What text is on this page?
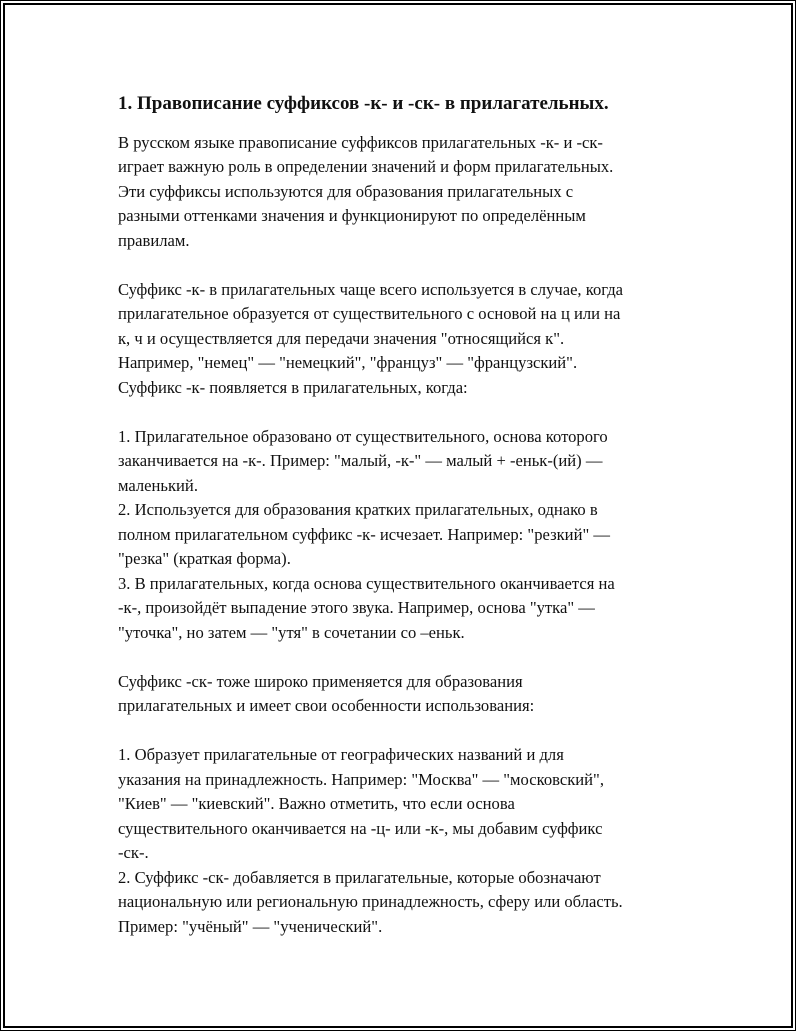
1. Правописание суффиксов -к- и -ск- в прилагательных.

В русском языке правописание суффиксов прилагательных -к- и -ск-
играет важную роль в определении значений и форм прилагательных.
Эти суффиксы используются для образования прилагательных с
разными оттенками значения и функционируют по определённым
правилам.

Суффикс -к- в прилагательных чаще всего используется в случае, когда
прилагательное образуется от существительного с основой на ц или на
к, ч и осуществляется для передачи значения "относящийся к".
Например, "немец" — "немецкий", "француз" — "французский".
Суффикс -к- появляется в прилагательных, когда:

1. Прилагательное образовано от существительного, основа которого
заканчивается на -к-. Пример: "малый, -к-" — малый + -еньк-(ий) —
маленький.
2. Используется для образования кратких прилагательных, однако в
полном прилагательном суффикс -к- исчезает. Например: "резкий" —
"резка" (краткая форма).
3. В прилагательных, когда основа существительного оканчивается на
-к-, произойдёт выпадение этого звука. Например, основа "утка" —
"уточка", но затем — "утя" в сочетании со –еньк.

Суффикс -ск- тоже широко применяется для образования
прилагательных и имеет свои особенности использования:

1. Образует прилагательные от географических названий и для
указания на принадлежность. Например: "Москва" — "московский",
"Киев" — "киевский". Важно отметить, что если основа
существительного оканчивается на -ц- или -к-, мы добавим суффикс
-ск-.
2. Суффикс -ск- добавляется в прилагательные, которые обозначают
национальную или региональную принадлежность, сферу или область.
Пример: "учёный" — "ученический".
